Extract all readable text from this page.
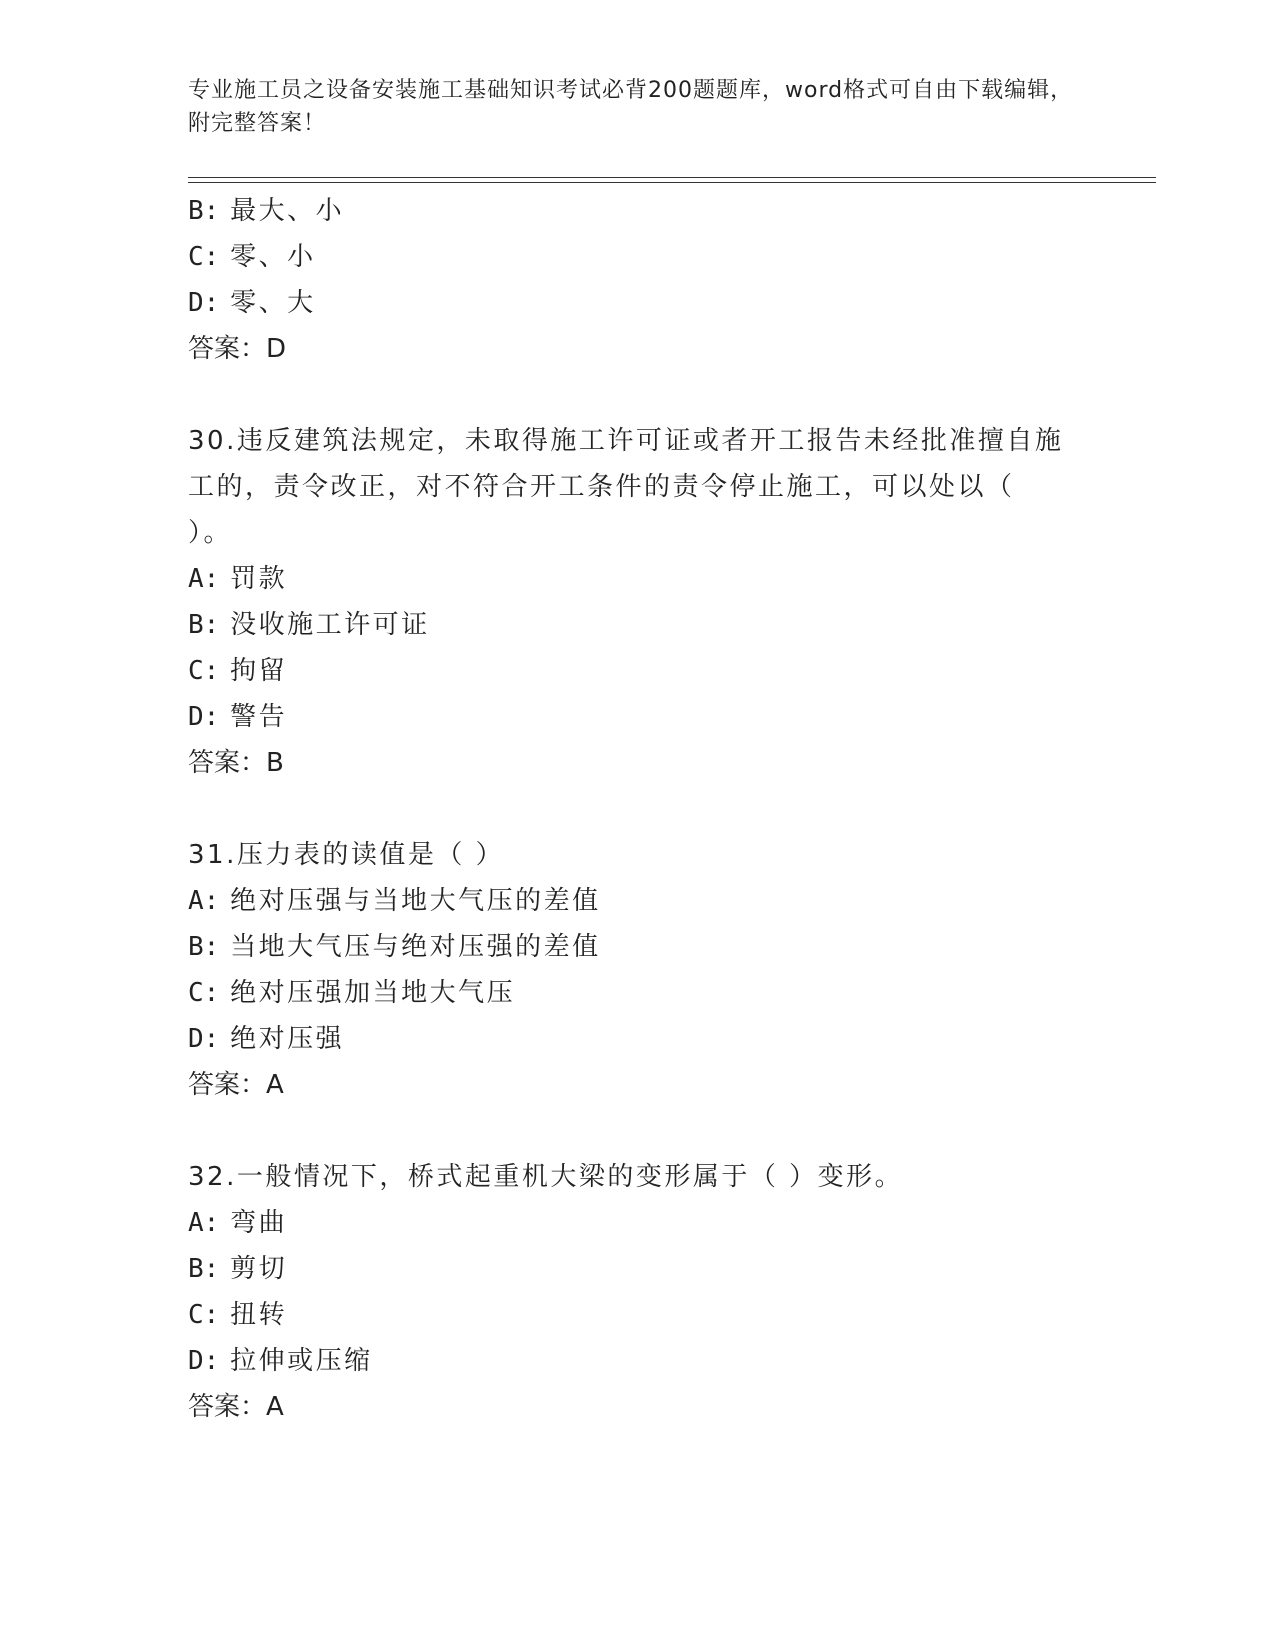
专业施工员之设备安装施工基础知识考试必背200题题库，word格式可自由下载编辑，附完整答案！
B: 最大、小
C: 零、小
D: 零、大
答案：D
30.违反建筑法规定，未取得施工许可证或者开工报告未经批准擅自施工的，责令改正，对不符合开工条件的责令停止施工，可以处以（ ）。
A: 罚款
B: 没收施工许可证
C: 拘留
D: 警告
答案：B
31.压力表的读值是（ ）
A: 绝对压强与当地大气压的差值
B: 当地大气压与绝对压强的差值
C: 绝对压强加当地大气压
D: 绝对压强
答案：A
32.一般情况下，桥式起重机大梁的变形属于（ ）变形。
A: 弯曲
B: 剪切
C: 扭转
D: 拉伸或压缩
答案：A
